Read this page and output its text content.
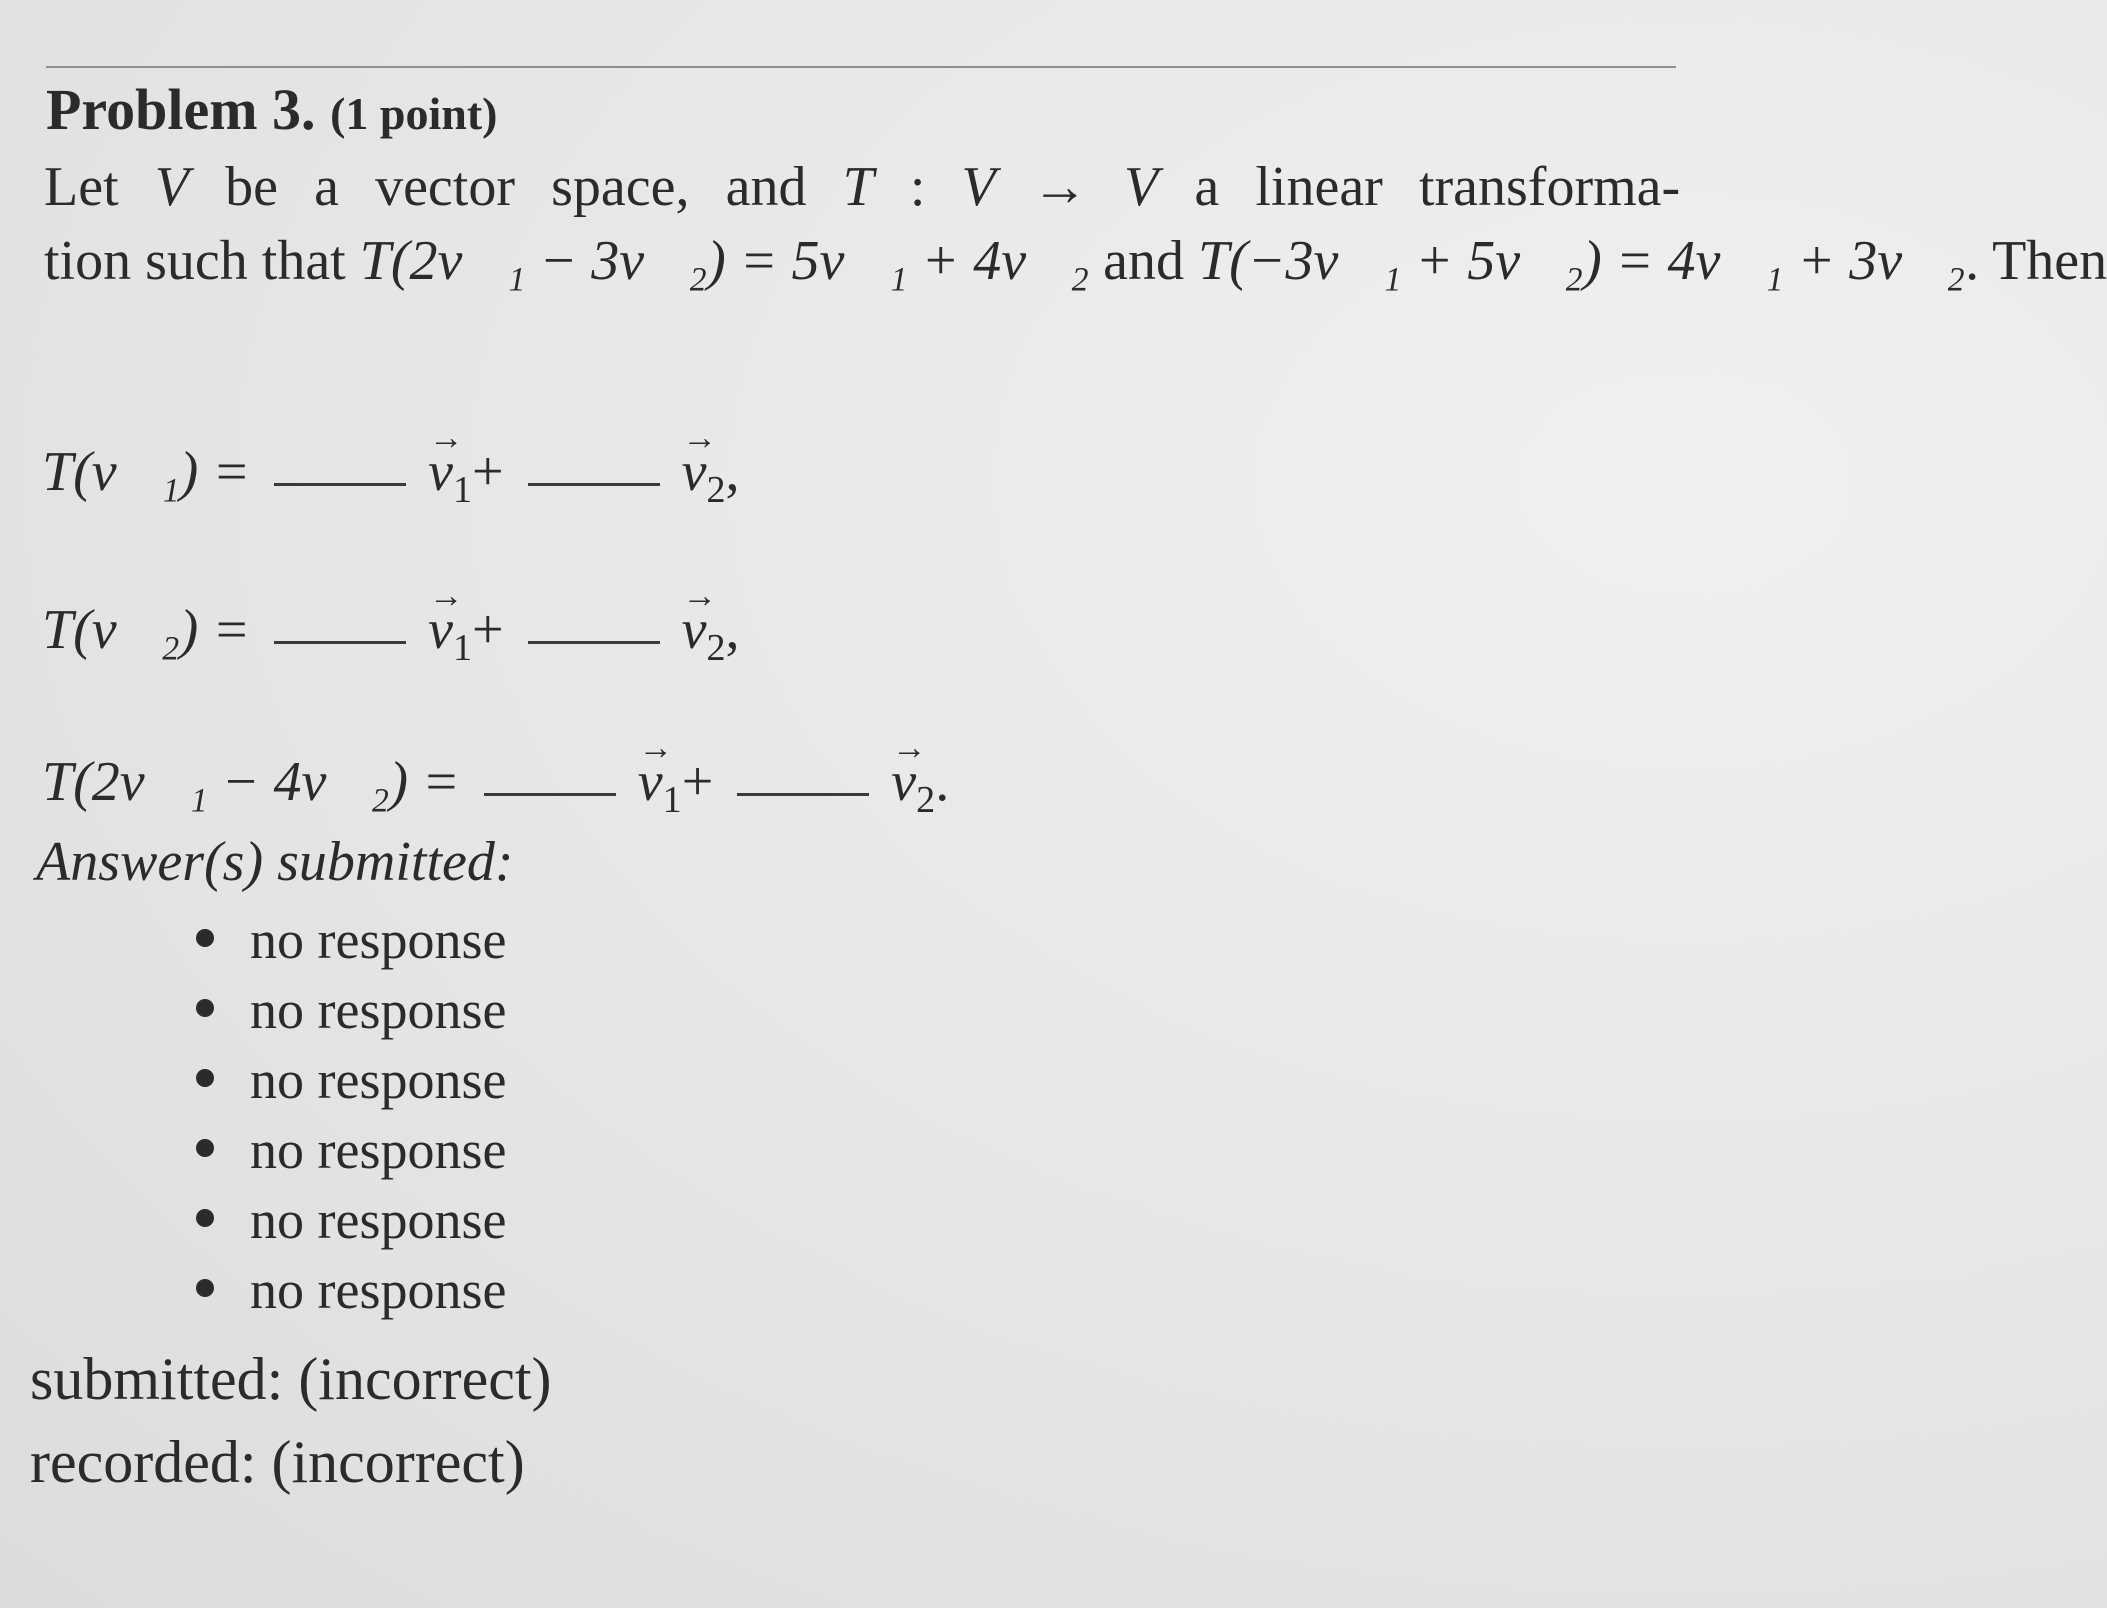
Problem 3. (1 point)
Let V be a vector space, and T : V → V a linear transforma-
tion such that T(2v⃗₁ − 3v⃗₂) = 5v⃗₁ + 4v⃗₂ and T(−3v⃗₁ + 5v⃗₂) = 4v⃗₁ + 3v⃗₂. Then
T(v⃗₁) =	$v \to_1+$	$v \to_2$,
T(v⃗₂) =	$v \to_1+$	$v \to_2$,
T(2v⃗₁ − 4v⃗₂) =	$v \to_1+$	$v \to_2$.
Answer(s) submitted:
no response
no response
no response
no response
no response
no response
submitted: (incorrect)
recorded: (incorrect)
